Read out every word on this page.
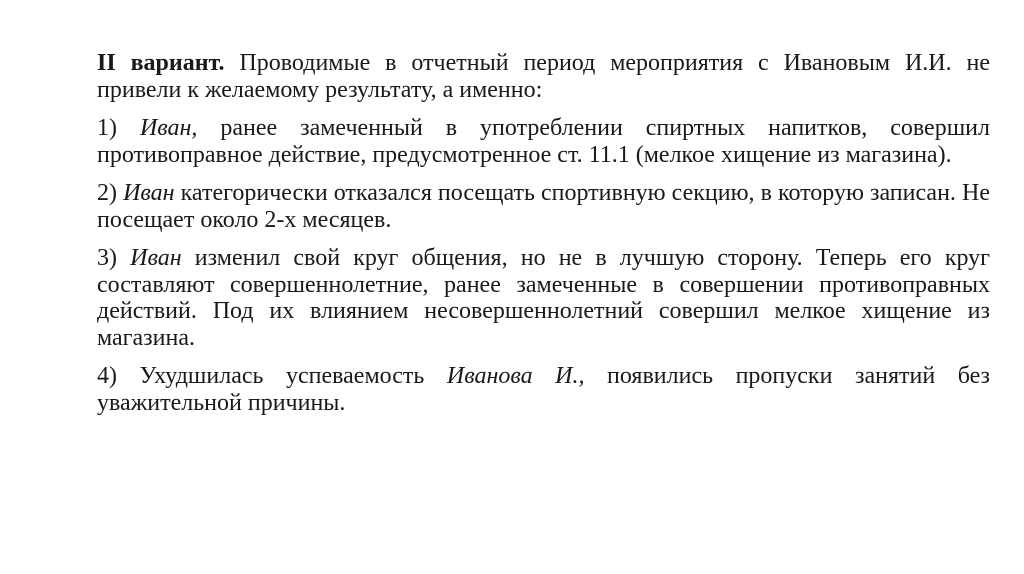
II вариант. Проводимые в отчетный период мероприятия с Ивановым И.И. не привели к желаемому результату, а именно:

1) Иван, ранее замеченный в употреблении спиртных напитков, совершил противоправное действие, предусмотренное ст. 11.1 (мелкое хищение из магазина).

2) Иван категорически отказался посещать спортивную секцию, в которую записан. Не посещает около 2-х месяцев.

3) Иван изменил свой круг общения, но не в лучшую сторону. Теперь его круг составляют совершеннолетние, ранее замеченные в совершении противоправных действий. Под их влиянием несовершеннолетний совершил мелкое хищение из магазина.

4) Ухудшилась успеваемость Иванова И., появились пропуски занятий без уважительной причины.
